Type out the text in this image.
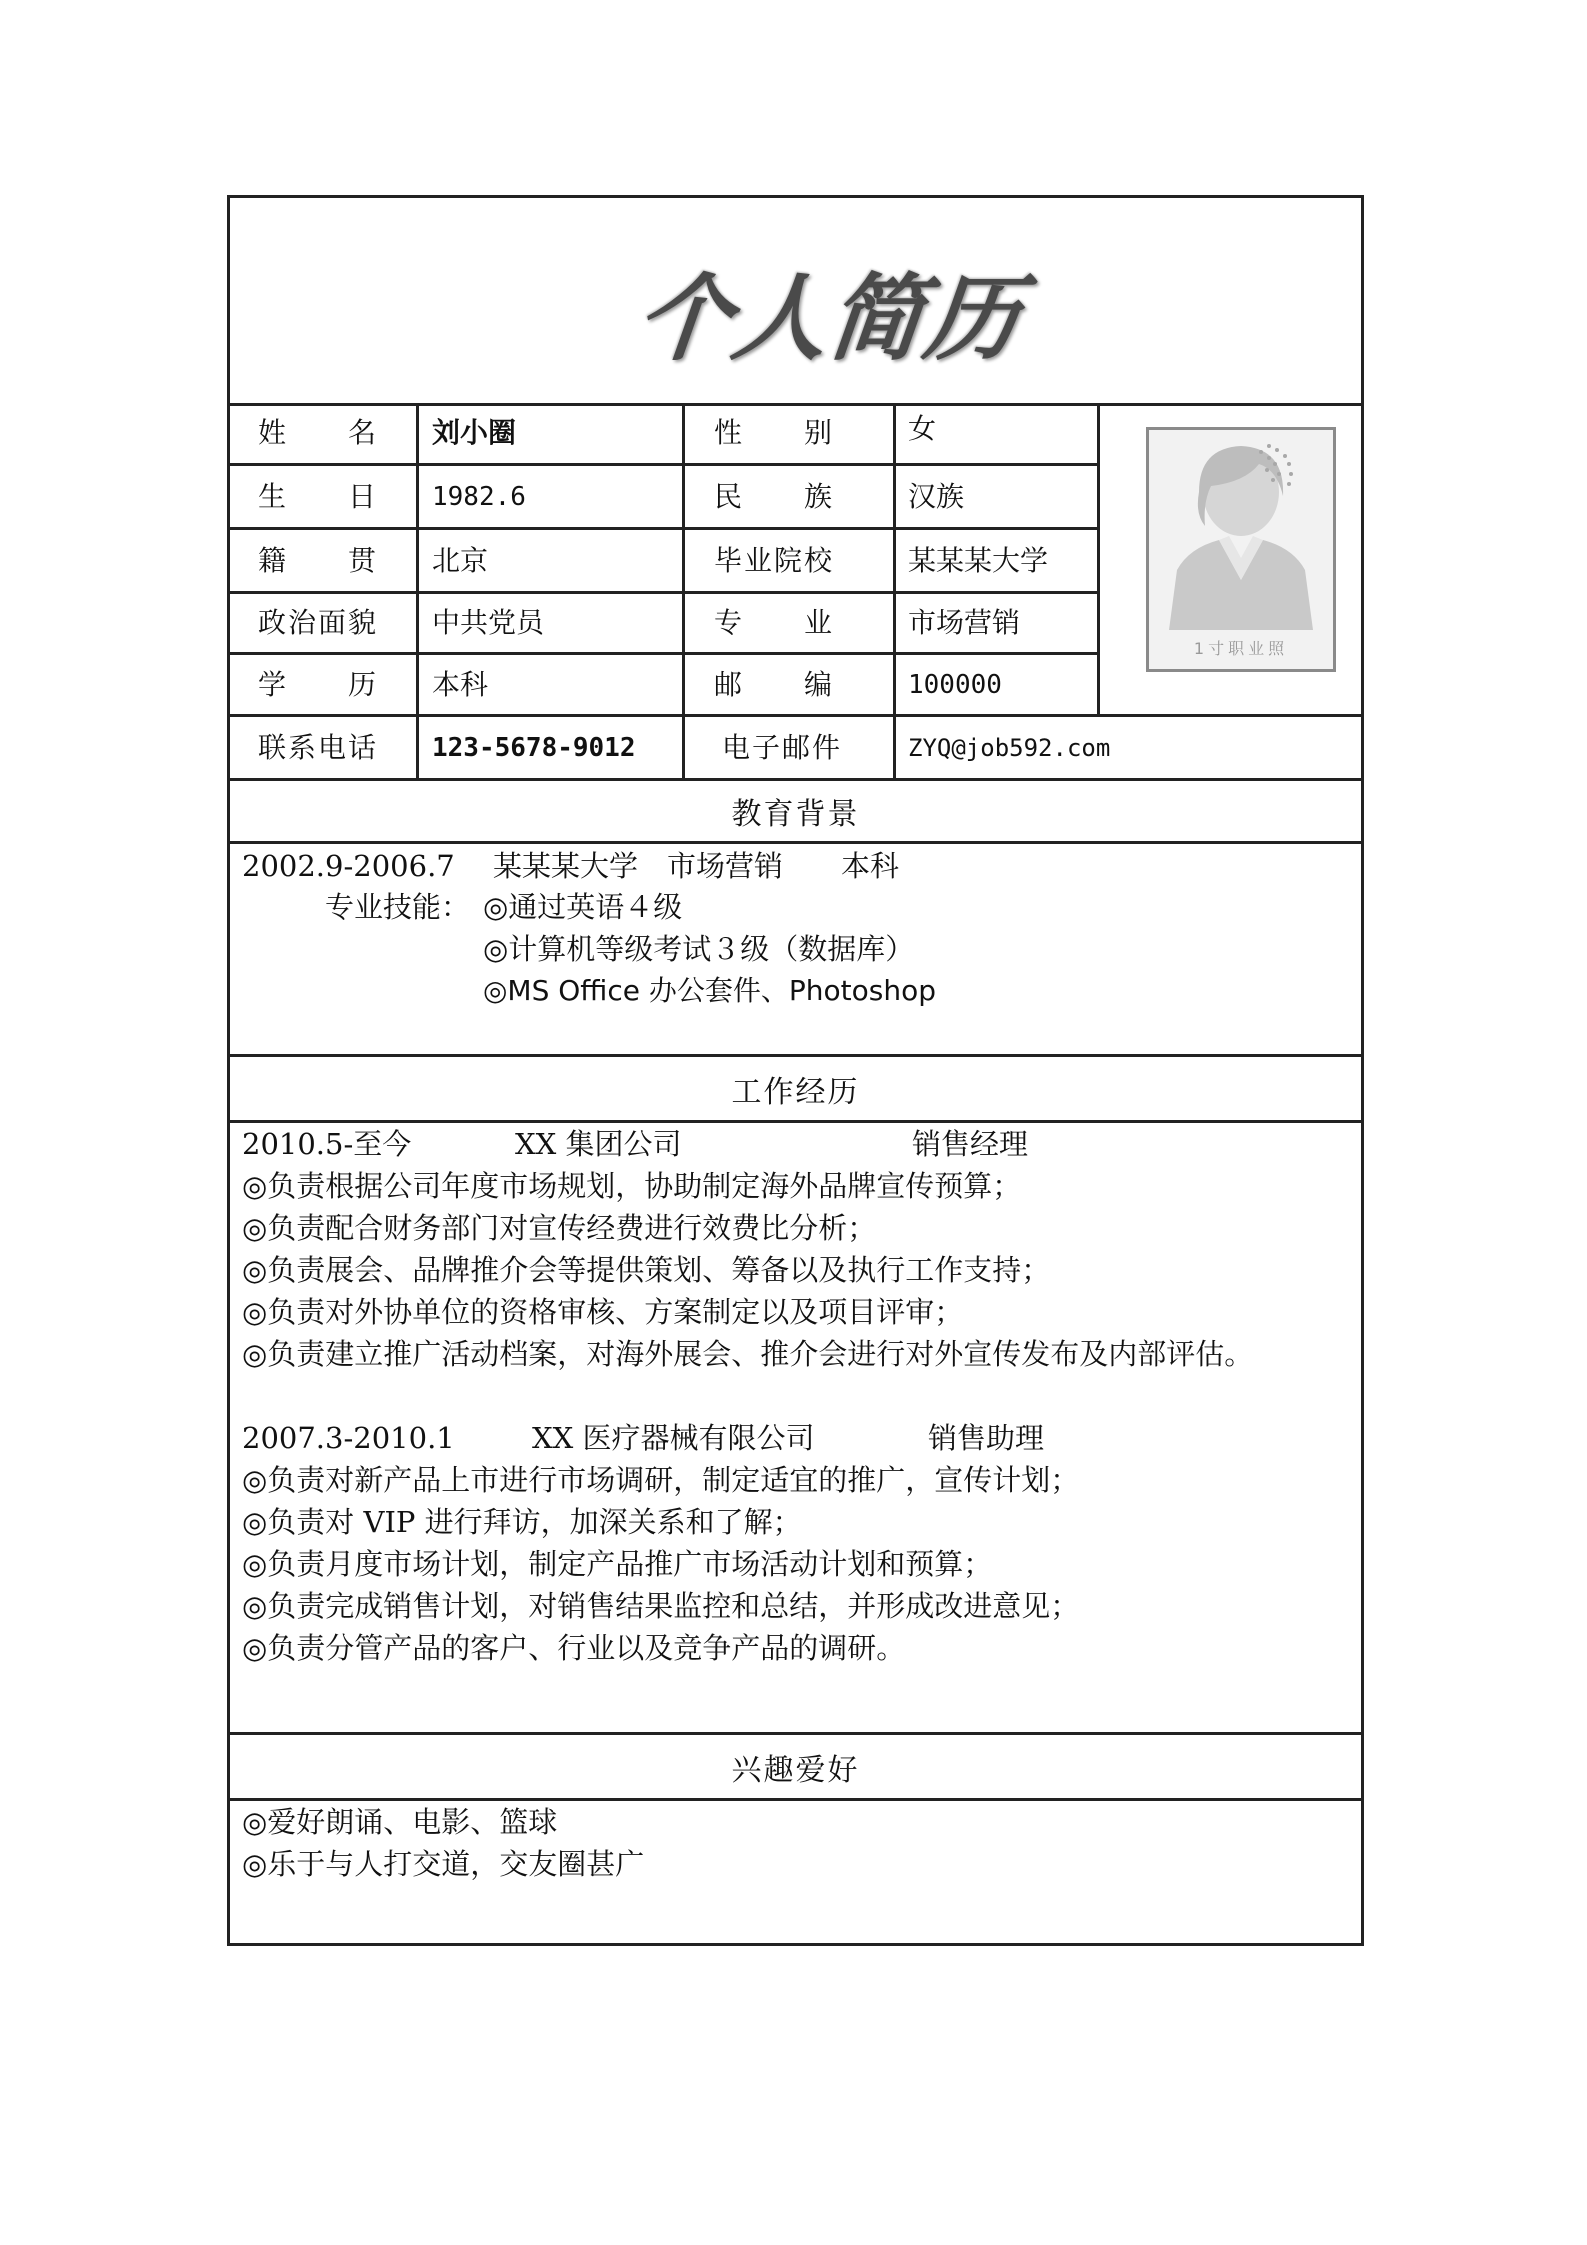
个人简历
姓　　名 刘小圈	性　　别	女
生　　日 1982.6	民　　族	汉族
籍　　贯 北京	毕业院校	某某某大学
政治面貌 中共党员	专　　业	市场营销
学　　历 本科	邮　　编	100000
联系电话 123-5678-9012	电子邮件	ZYQ@job592.com
1寸职业照
教育背景
2002.9-2006.7　 某某某大学　市场营销　　本科
专业技能： ◎通过英语４级
◎计算机等级考试３级（数据库）
◎MS Office 办公套件、Photoshop
工作经历
2010.5-至今	XX 集团公司	销售经理
◎负责根据公司年度市场规划，协助制定海外品牌宣传预算；
◎负责配合财务部门对宣传经费进行效费比分析；
◎负责展会、品牌推介会等提供策划、筹备以及执行工作支持；
◎负责对外协单位的资格审核、方案制定以及项目评审；
◎负责建立推广活动档案，对海外展会、推介会进行对外宣传发布及内部评估。
2007.3-2010.1	XX 医疗器械有限公司	销售助理
◎负责对新产品上市进行市场调研，制定适宜的推广，宣传计划；
◎负责对 VIP 进行拜访，加深关系和了解；
◎负责月度市场计划，制定产品推广市场活动计划和预算；
◎负责完成销售计划，对销售结果监控和总结，并形成改进意见；
◎负责分管产品的客户、行业以及竞争产品的调研。
兴趣爱好
◎爱好朗诵、电影、篮球
◎乐于与人打交道，交友圈甚广
